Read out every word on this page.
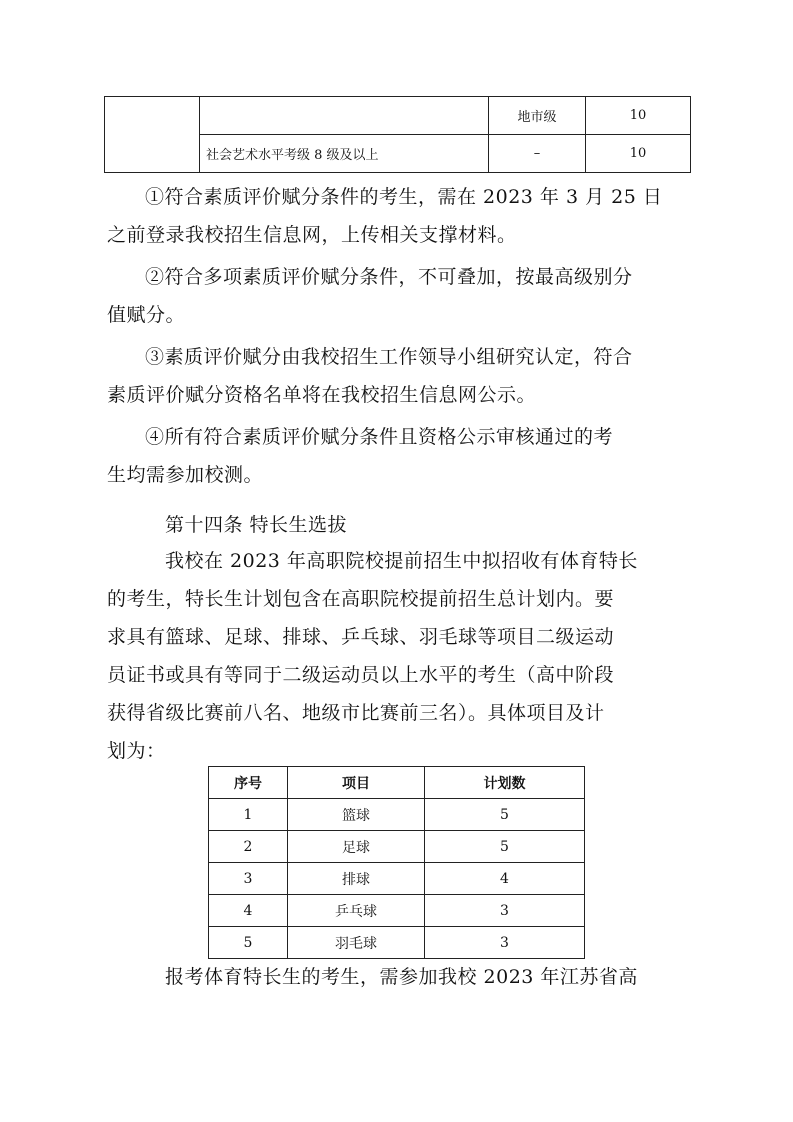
		地市级	10
	社会艺术水平考级 8 级及以上	–	10
①符合素质评价赋分条件的考生，需在 2023 年 3 月 25 日
之前登录我校招生信息网，上传相关支撑材料。
②符合多项素质评价赋分条件，不可叠加，按最高级别分
值赋分。
③素质评价赋分由我校招生工作领导小组研究认定，符合
素质评价赋分资格名单将在我校招生信息网公示。
④所有符合素质评价赋分条件且资格公示审核通过的考
生均需参加校测。
第十四条 特长生选拔
我校在 2023 年高职院校提前招生中拟招收有体育特长
的考生，特长生计划包含在高职院校提前招生总计划内。要
求具有篮球、足球、排球、乒乓球、羽毛球等项目二级运动
员证书或具有等同于二级运动员以上水平的考生（高中阶段
获得省级比赛前八名、地级市比赛前三名）。具体项目及计
划为：
序号	项目	计划数
1	篮球	5
2	足球	5
3	排球	4
4	乒乓球	3
5	羽毛球	3
报考体育特长生的考生，需参加我校 2023 年江苏省高
